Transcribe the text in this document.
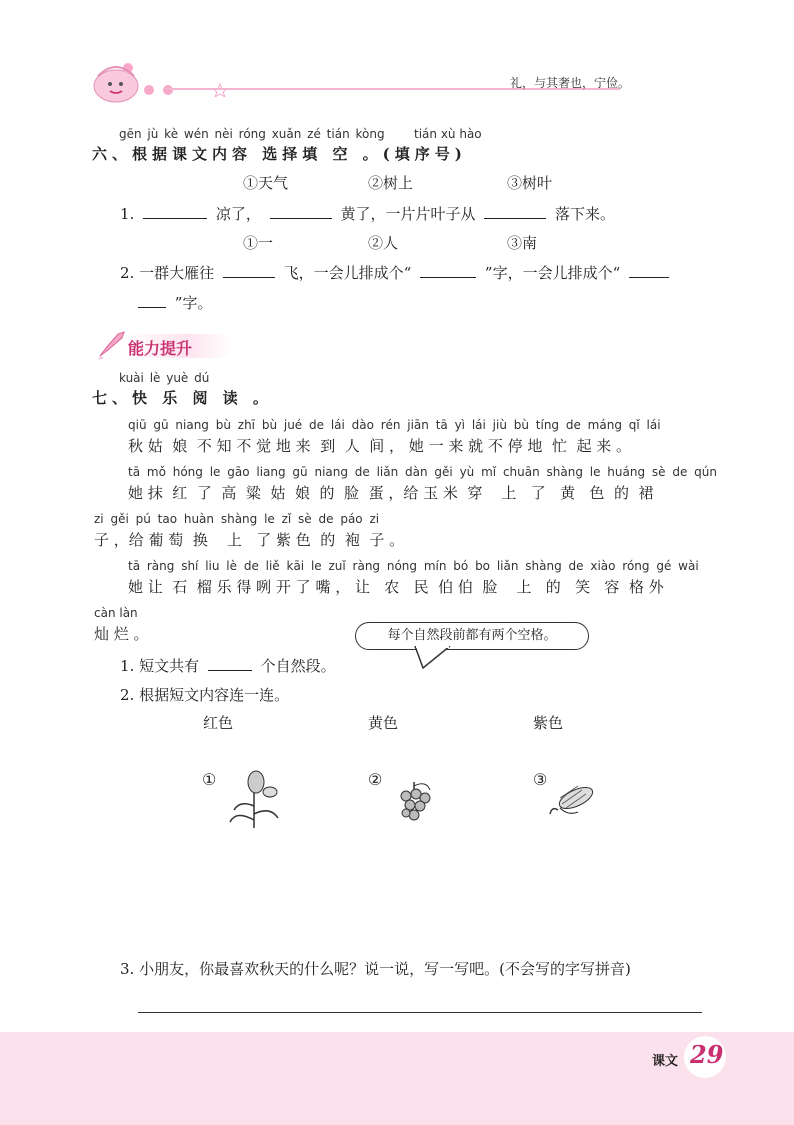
礼，与其奢也，宁俭。
gēn jù kè wén nèi róng xuǎn zé tián kòng tián xù hào
六、根据课文内容 选择填 空 。(填序号)
①天气	②树上	③树叶
1.	凉了，	黄了，一片片叶子从	落下来。
①一	②人	③南
2. 一群大雁往	飞，一会儿排成个“	”字，一会儿排成个“
”字。
能力提升
kuài lè yuè dú
七、快 乐 阅 读 。
qiū gū niang bù zhī bù jué de lái dào rén jiān tā yì lái jiù bù tíng de máng qǐ lái
秋 姑  娘  不 知 不 觉 地 来  到  人  间 ， 她 一 来 就 不 停 地  忙  起 来 。
tā mǒ hóng le gāo liang gū niang de liǎn dàn gěi yù mǐ chuān shàng le huáng sè de qún
她 抹  红  了  高  粱  姑  娘  的  脸  蛋 ，给 玉 米  穿    上   了   黄   色  的  裙
zi gěi pú tao huàn shàng le zǐ sè de páo zi
子 ，给 葡 萄  换    上   了 紫 色  的  袍  子 。
tā ràng shí liu lè de liě kāi le zuǐ ràng nóng mín bó bo liǎn shàng de xiào róng gé wài
她 让  石  榴 乐 得 咧 开 了 嘴 ， 让   农   民  伯 伯  脸    上   的   笑   容  格 外
càn làn
灿 烂 。	每个自然段前都有两个空格。
1. 短文共有	个自然段。
2. 根据短文内容连一连。
红色	黄色	紫色
①	②	③
3. 小朋友，你最喜欢秋天的什么呢？说一说，写一写吧。(不会写的字写拼音)
课文 29
